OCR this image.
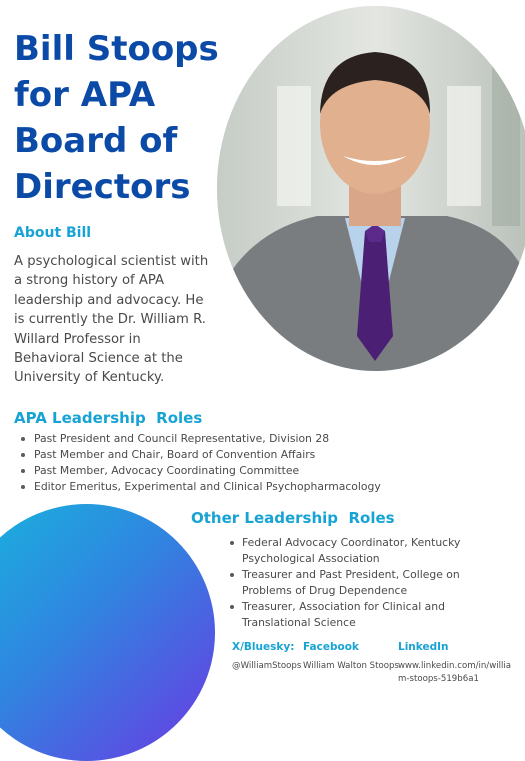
Bill Stoops
for APA
Board of
Directors
About Bill

A psychological scientist with
a strong history of APA
leadership and advocacy. He
is currently the Dr. William R.
Willard Professor in
Behavioral Science at the
University of Kentucky.

APA Leadership  Roles
Past President and Council Representative, Division 28
Past Member and Chair, Board of Convention Affairs
Past Member, Advocacy Coordinating Committee
Editor Emeritus, Experimental and Clinical Psychopharmacology
Other Leadership  Roles
Federal Advocacy Coordinator, Kentucky
Psychological Association
Treasurer and Past President, College on
Problems of Drug Dependence
Treasurer, Association for Clinical and
Translational Science
X/Bluesky:
@WilliamStoops
Facebook
William Walton Stoops
LinkedIn
www.linkedin.com/in/willia
m-stoops-519b6a1
